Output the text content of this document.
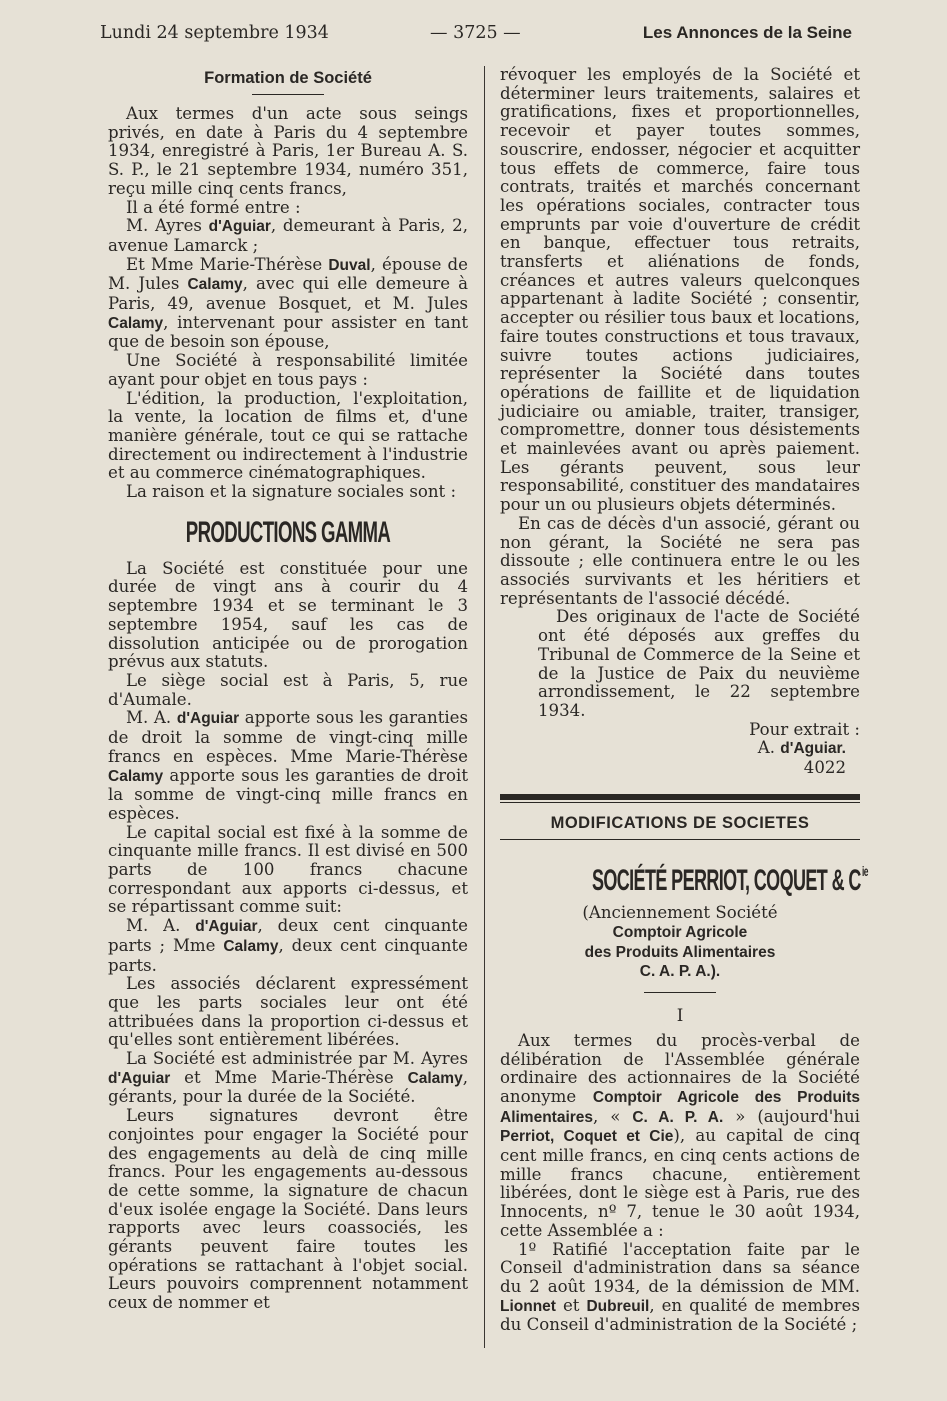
Lundi 24 septembre 1934	— 3725 —	Les Annonces de la Seine
Formation de Société

Aux termes d'un acte sous seings privés, en date à Paris du 4 septembre 1934, enregistré à Paris, 1er Bureau A. S. S. P., le 21 septembre 1934, numéro 351, reçu mille cinq cents francs,

Il a été formé entre :

M. Ayres d'Aguiar, demeurant à Paris, 2, avenue Lamarck ;

Et Mme Marie-Thérèse Duval, épouse de M. Jules Calamy, avec qui elle demeure à Paris, 49, avenue Bosquet, et M. Jules Calamy, intervenant pour assister en tant que de besoin son épouse,

Une Société à responsabilité limitée ayant pour objet en tous pays :

L'édition, la production, l'exploitation, la vente, la location de films et, d'une manière générale, tout ce qui se rattache directement ou indirectement à l'industrie et au commerce cinématographiques.

La raison et la signature sociales sont :

PRODUCTIONS GAMMA

La Société est constituée pour une durée de vingt ans à courir du 4 septembre 1934 et se terminant le 3 septembre 1954, sauf les cas de dissolution anticipée ou de prorogation prévus aux statuts.

Le siège social est à Paris, 5, rue d'Aumale.

M. A. d'Aguiar apporte sous les garanties de droit la somme de vingt-cinq mille francs en espèces. Mme Marie-Thérèse Calamy apporte sous les garanties de droit la somme de vingt-cinq mille francs en espèces.

Le capital social est fixé à la somme de cinquante mille francs. Il est divisé en 500 parts de 100 francs chacune correspondant aux apports ci-dessus, et se répartissant comme suit:

M. A. d'Aguiar, deux cent cinquante parts ; Mme Calamy, deux cent cinquante parts.

Les associés déclarent expressément que les parts sociales leur ont été attribuées dans la proportion ci-dessus et qu'elles sont entièrement libérées.

La Société est administrée par M. Ayres d'Aguiar et Mme Marie-Thérèse Calamy, gérants, pour la durée de la Société.

Leurs signatures devront être conjointes pour engager la Société pour des engagements au delà de cinq mille francs. Pour les engagements au-dessous de cette somme, la signature de chacun d'eux isolée engage la Société. Dans leurs rapports avec leurs coassociés, les gérants peuvent faire toutes les opérations se rattachant à l'objet social. Leurs pouvoirs comprennent notamment ceux de nommer et

révoquer les employés de la Société et déterminer leurs traitements, salaires et gratifications, fixes et proportionnelles, recevoir et payer toutes sommes, souscrire, endosser, négocier et acquitter tous effets de commerce, faire tous contrats, traités et marchés concernant les opérations sociales, contracter tous emprunts par voie d'ouverture de crédit en banque, effectuer tous retraits, transferts et aliénations de fonds, créances et autres valeurs quelconques appartenant à ladite Société ; consentir, accepter ou résilier tous baux et locations, faire toutes constructions et tous travaux, suivre toutes actions judiciaires, représenter la Société dans toutes opérations de faillite et de liquidation judiciaire ou amiable, traiter, transiger, compromettre, donner tous désistements et mainlevées avant ou après paiement. Les gérants peuvent, sous leur responsabilité, constituer des mandataires pour un ou plusieurs objets déterminés.

En cas de décès d'un associé, gérant ou non gérant, la Société ne sera pas dissoute ; elle continuera entre le ou les associés survivants et les héritiers et représentants de l'associé décédé.

Des originaux de l'acte de Société ont été déposés aux greffes du Tribunal de Commerce de la Seine et de la Justice de Paix du neuvième arrondissement, le 22 septembre 1934.

Pour extrait :
A. d'Aguiar.
4022
MODIFICATIONS DE SOCIETES
SOCIÉTÉ PERRIOT, COQUET & $C^{ie}$
(Anciennement Société
Comptoir Agricole
des Produits Alimentaires
C. A. P. A.).
I

Aux termes du procès-verbal de délibération de l'Assemblée générale ordinaire des actionnaires de la Société anonyme Comptoir Agricole des Produits Alimentaires, « C. A. P. A. » (aujourd'hui Perriot, Coquet et Cie), au capital de cinq cent mille francs, en cinq cents actions de mille francs chacune, entièrement libérées, dont le siège est à Paris, rue des Innocents, nº 7, tenue le 30 août 1934, cette Assemblée a :

1º Ratifié l'acceptation faite par le Conseil d'administration dans sa séance du 2 août 1934, de la démission de MM. Lionnet et Dubreuil, en qualité de membres du Conseil d'administration de la Société ;
